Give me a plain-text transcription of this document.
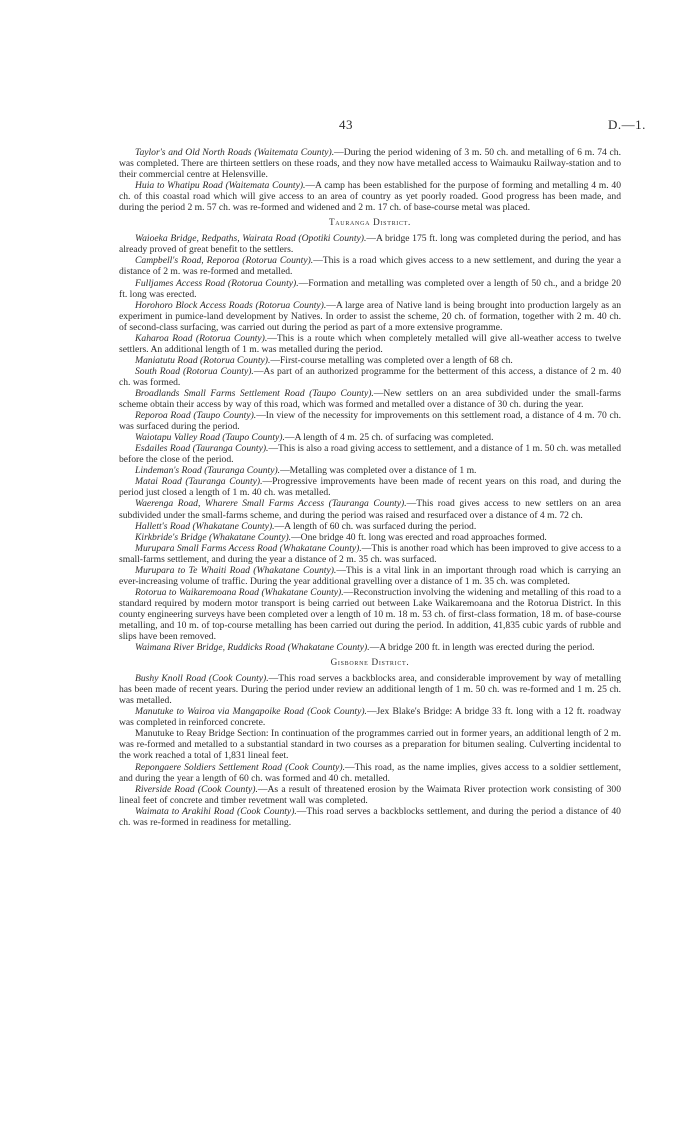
43	D.—1.

Taylor's and Old North Roads (Waitemata County).—During the period widening of 3 m. 50 ch. and metalling of 6 m. 74 ch. was completed. There are thirteen settlers on these roads, and they now have metalled access to Waimauku Railway-station and to their commercial centre at Helensville.

Huia to Whatipu Road (Waitemata County).—A camp has been established for the purpose of forming and metalling 4 m. 40 ch. of this coastal road which will give access to an area of country as yet poorly roaded. Good progress has been made, and during the period 2 m. 57 ch. was re-formed and widened and 2 m. 17 ch. of base-course metal was placed.

Tauranga District.

Waioeka Bridge, Redpaths, Wairata Road (Opotiki County).—A bridge 175 ft. long was completed during the period, and has already proved of great benefit to the settlers.

Campbell's Road, Reporoa (Rotorua County).—This is a road which gives access to a new settlement, and during the year a distance of 2 m. was re-formed and metalled.

Fulljames Access Road (Rotorua County).—Formation and metalling was completed over a length of 50 ch., and a bridge 20 ft. long was erected.

Horohoro Block Access Roads (Rotorua County).—A large area of Native land is being brought into production largely as an experiment in pumice-land development by Natives. In order to assist the scheme, 20 ch. of formation, together with 2 m. 40 ch. of second-class surfacing, was carried out during the period as part of a more extensive programme.

Kaharoa Road (Rotorua County).—This is a route which when completely metalled will give all-weather access to twelve settlers. An additional length of 1 m. was metalled during the period.

Maniatutu Road (Rotorua County).—First-course metalling was completed over a length of 68 ch.

South Road (Rotorua County).—As part of an authorized programme for the betterment of this access, a distance of 2 m. 40 ch. was formed.

Broadlands Small Farms Settlement Road (Taupo County).—New settlers on an area subdivided under the small-farms scheme obtain their access by way of this road, which was formed and metalled over a distance of 30 ch. during the year.

Reporoa Road (Taupo County).—In view of the necessity for improvements on this settlement road, a distance of 4 m. 70 ch. was surfaced during the period.

Waiotapu Valley Road (Taupo County).—A length of 4 m. 25 ch. of surfacing was completed.

Esdailes Road (Tauranga County).—This is also a road giving access to settlement, and a distance of 1 m. 50 ch. was metalled before the close of the period.

Lindeman's Road (Tauranga County).—Metalling was completed over a distance of 1 m.

Matai Road (Tauranga County).—Progressive improvements have been made of recent years on this road, and during the period just closed a length of 1 m. 40 ch. was metalled.

Waerenga Road, Wharere Small Farms Access (Tauranga County).—This road gives access to new settlers on an area subdivided under the small-farms scheme, and during the period was raised and resurfaced over a distance of 4 m. 72 ch.

Hallett's Road (Whakatane County).—A length of 60 ch. was surfaced during the period.

Kirkbride's Bridge (Whakatane County).—One bridge 40 ft. long was erected and road approaches formed.

Murupara Small Farms Access Road (Whakatane County).—This is another road which has been improved to give access to a small-farms settlement, and during the year a distance of 2 m. 35 ch. was surfaced.

Murupara to Te Whaiti Road (Whakatane County).—This is a vital link in an important through road which is carrying an ever-increasing volume of traffic. During the year additional gravelling over a distance of 1 m. 35 ch. was completed.

Rotorua to Waikaremoana Road (Whakatane County).—Reconstruction involving the widening and metalling of this road to a standard required by modern motor transport is being carried out between Lake Waikaremoana and the Rotorua District. In this county engineering surveys have been completed over a length of 10 m. 18 m. 53 ch. of first-class formation, 18 m. of base-course metalling, and 10 m. of top-course metalling has been carried out during the period. In addition, 41,835 cubic yards of rubble and slips have been removed.

Waimana River Bridge, Ruddicks Road (Whakatane County).—A bridge 200 ft. in length was erected during the period.

Gisborne District.

Bushy Knoll Road (Cook County).—This road serves a backblocks area, and considerable improvement by way of metalling has been made of recent years. During the period under review an additional length of 1 m. 50 ch. was re-formed and 1 m. 25 ch. was metalled.

Manutuke to Wairoa via Mangapoike Road (Cook County).—Jex Blake's Bridge: A bridge 33 ft. long with a 12 ft. roadway was completed in reinforced concrete.

Manutuke to Reay Bridge Section: In continuation of the programmes carried out in former years, an additional length of 2 m. was re-formed and metalled to a substantial standard in two courses as a preparation for bitumen sealing. Culverting incidental to the work reached a total of 1,831 lineal feet.

Repongaere Soldiers Settlement Road (Cook County).—This road, as the name implies, gives access to a soldier settlement, and during the year a length of 60 ch. was formed and 40 ch. metalled.

Riverside Road (Cook County).—As a result of threatened erosion by the Waimata River protection work consisting of 300 lineal feet of concrete and timber revetment wall was completed.

Waimata to Arakihi Road (Cook County).—This road serves a backblocks settlement, and during the period a distance of 40 ch. was re-formed in readiness for metalling.
